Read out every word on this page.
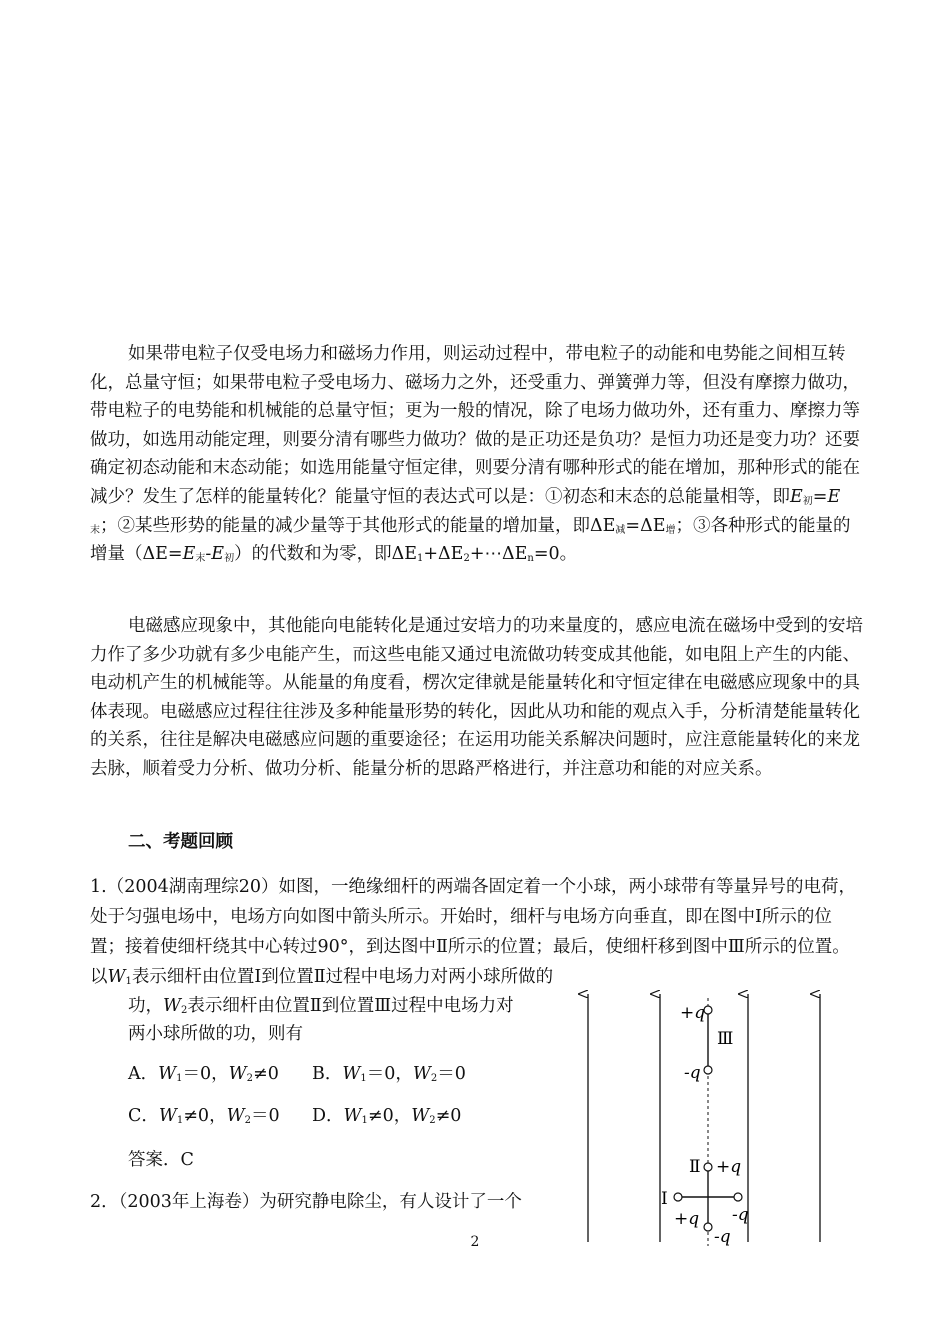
如果带电粒子仅受电场力和磁场力作用，则运动过程中，带电粒子的动能和电势能之间相互转化，总量守恒；如果带电粒子受电场力、磁场力之外，还受重力、弹簧弹力等，但没有摩擦力做功，带电粒子的电势能和机械能的总量守恒；更为一般的情况，除了电场力做功外，还有重力、摩擦力等做功，如选用动能定理，则要分清有哪些力做功？做的是正功还是负功？是恒力功还是变力功？还要确定初态动能和末态动能；如选用能量守恒定律，则要分清有哪种形式的能在增加，那种形式的能在减少？发生了怎样的能量转化？能量守恒的表达式可以是：①初态和末态的总能量相等，即$E_初=E_末$；②某些形势的能量的减少量等于其他形式的能量的增加量，即$\Delta E_减=\Delta E_增$；③各种形式的能量的增量$(\Delta E=E_末-E_初)$的代数和为零，即$\Delta E_1+\Delta E_2+\cdots\Delta E_n=0$。

电磁感应现象中，其他能向电能转化是通过安培力的功来量度的，感应电流在磁场中受到的安培力作了多少功就有多少电能产生，而这些电能又通过电流做功转变成其他能，如电阻上产生的内能、电动机产生的机械能等。从能量的角度看，楞次定律就是能量转化和守恒定律在电磁感应现象中的具体表现。电磁感应过程往往涉及多种能量形势的转化，因此从功和能的观点入手，分析清楚能量转化的关系，往往是解决电磁感应问题的重要途径；在运用功能关系解决问题时，应注意能量转化的来龙去脉，顺着受力分析、做功分析、能量分析的思路严格进行，并注意功和能的对应关系。

二、考题回顾

1.（2004湖南理综20）如图，一绝缘细杆的两端各固定着一个小球，两小球带有等量异号的电荷，处于匀强电场中，电场方向如图中箭头所示。开始时，细杆与电场方向垂直，即在图中Ⅰ所示的位置；接着使细杆绕其中心转过90°，到达图中Ⅱ所示的位置；最后，使细杆移到图中Ⅲ所示的位置。以$W_1$表示细杆由位置Ⅰ到位置Ⅱ过程中电场力对两小球所做的

功，$W_2$表示细杆由位置Ⅱ到位置Ⅲ过程中电场力对

两小球所做的功，则有

A．$W_1=0$，$W_2\ne 0$ B．$W_1=0$，$W_2=0$

C．$W_1\ne 0$，$W_2=0$ D．$W_1\ne 0$，$W_2\ne 0$

答案．C

2．（2003年上海卷）为研究静电除尘，有人设计了一个

+q
-q
Ⅲ
Ⅱ +q
Ⅰ
+q -q
-q
2
